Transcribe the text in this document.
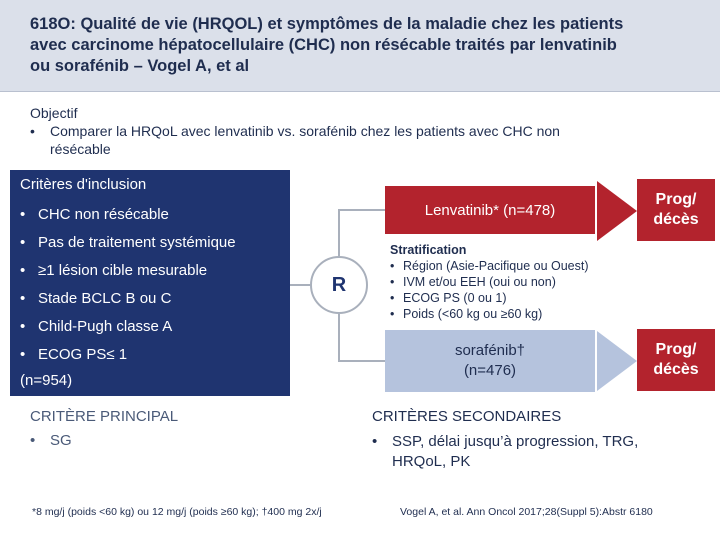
618O: Qualité de vie (HRQOL) et symptômes de la maladie chez les patients
avec carcinome hépatocellulaire (CHC) non résécable traités par lenvatinib
ou sorafénib – Vogel A, et al
Objectif
•	Comparer la HRQoL avec lenvatinib vs. sorafénib chez les patients avec CHC non
résécable
Critères d'inclusion
• CHC non résécable
• Pas de traitement systémique
• ≥1 lésion cible mesurable
• Stade BCLC B ou C
• Child-Pugh classe A
• ECOG PS≤ 1
(n=954)
R
Lenvatinib* (n=478)
Prog/
décès
Stratification
• Région (Asie-Pacifique ou Ouest)
• IVM et/ou EEH (oui ou non)
• ECOG PS (0 ou 1)
• Poids (<60 kg ou ≥60 kg)
sorafénib†
(n=476)
Prog/
décès
CRITÈRE PRINCIPAL
• SG
CRITÈRES SECONDAIRES
• SSP, délai jusqu’à progression, TRG,
HRQoL, PK
*8 mg/j (poids <60 kg) ou 12 mg/j (poids ≥60 kg); †400 mg 2x/j	Vogel A, et al. Ann Oncol 2017;28(Suppl 5):Abstr 6180
